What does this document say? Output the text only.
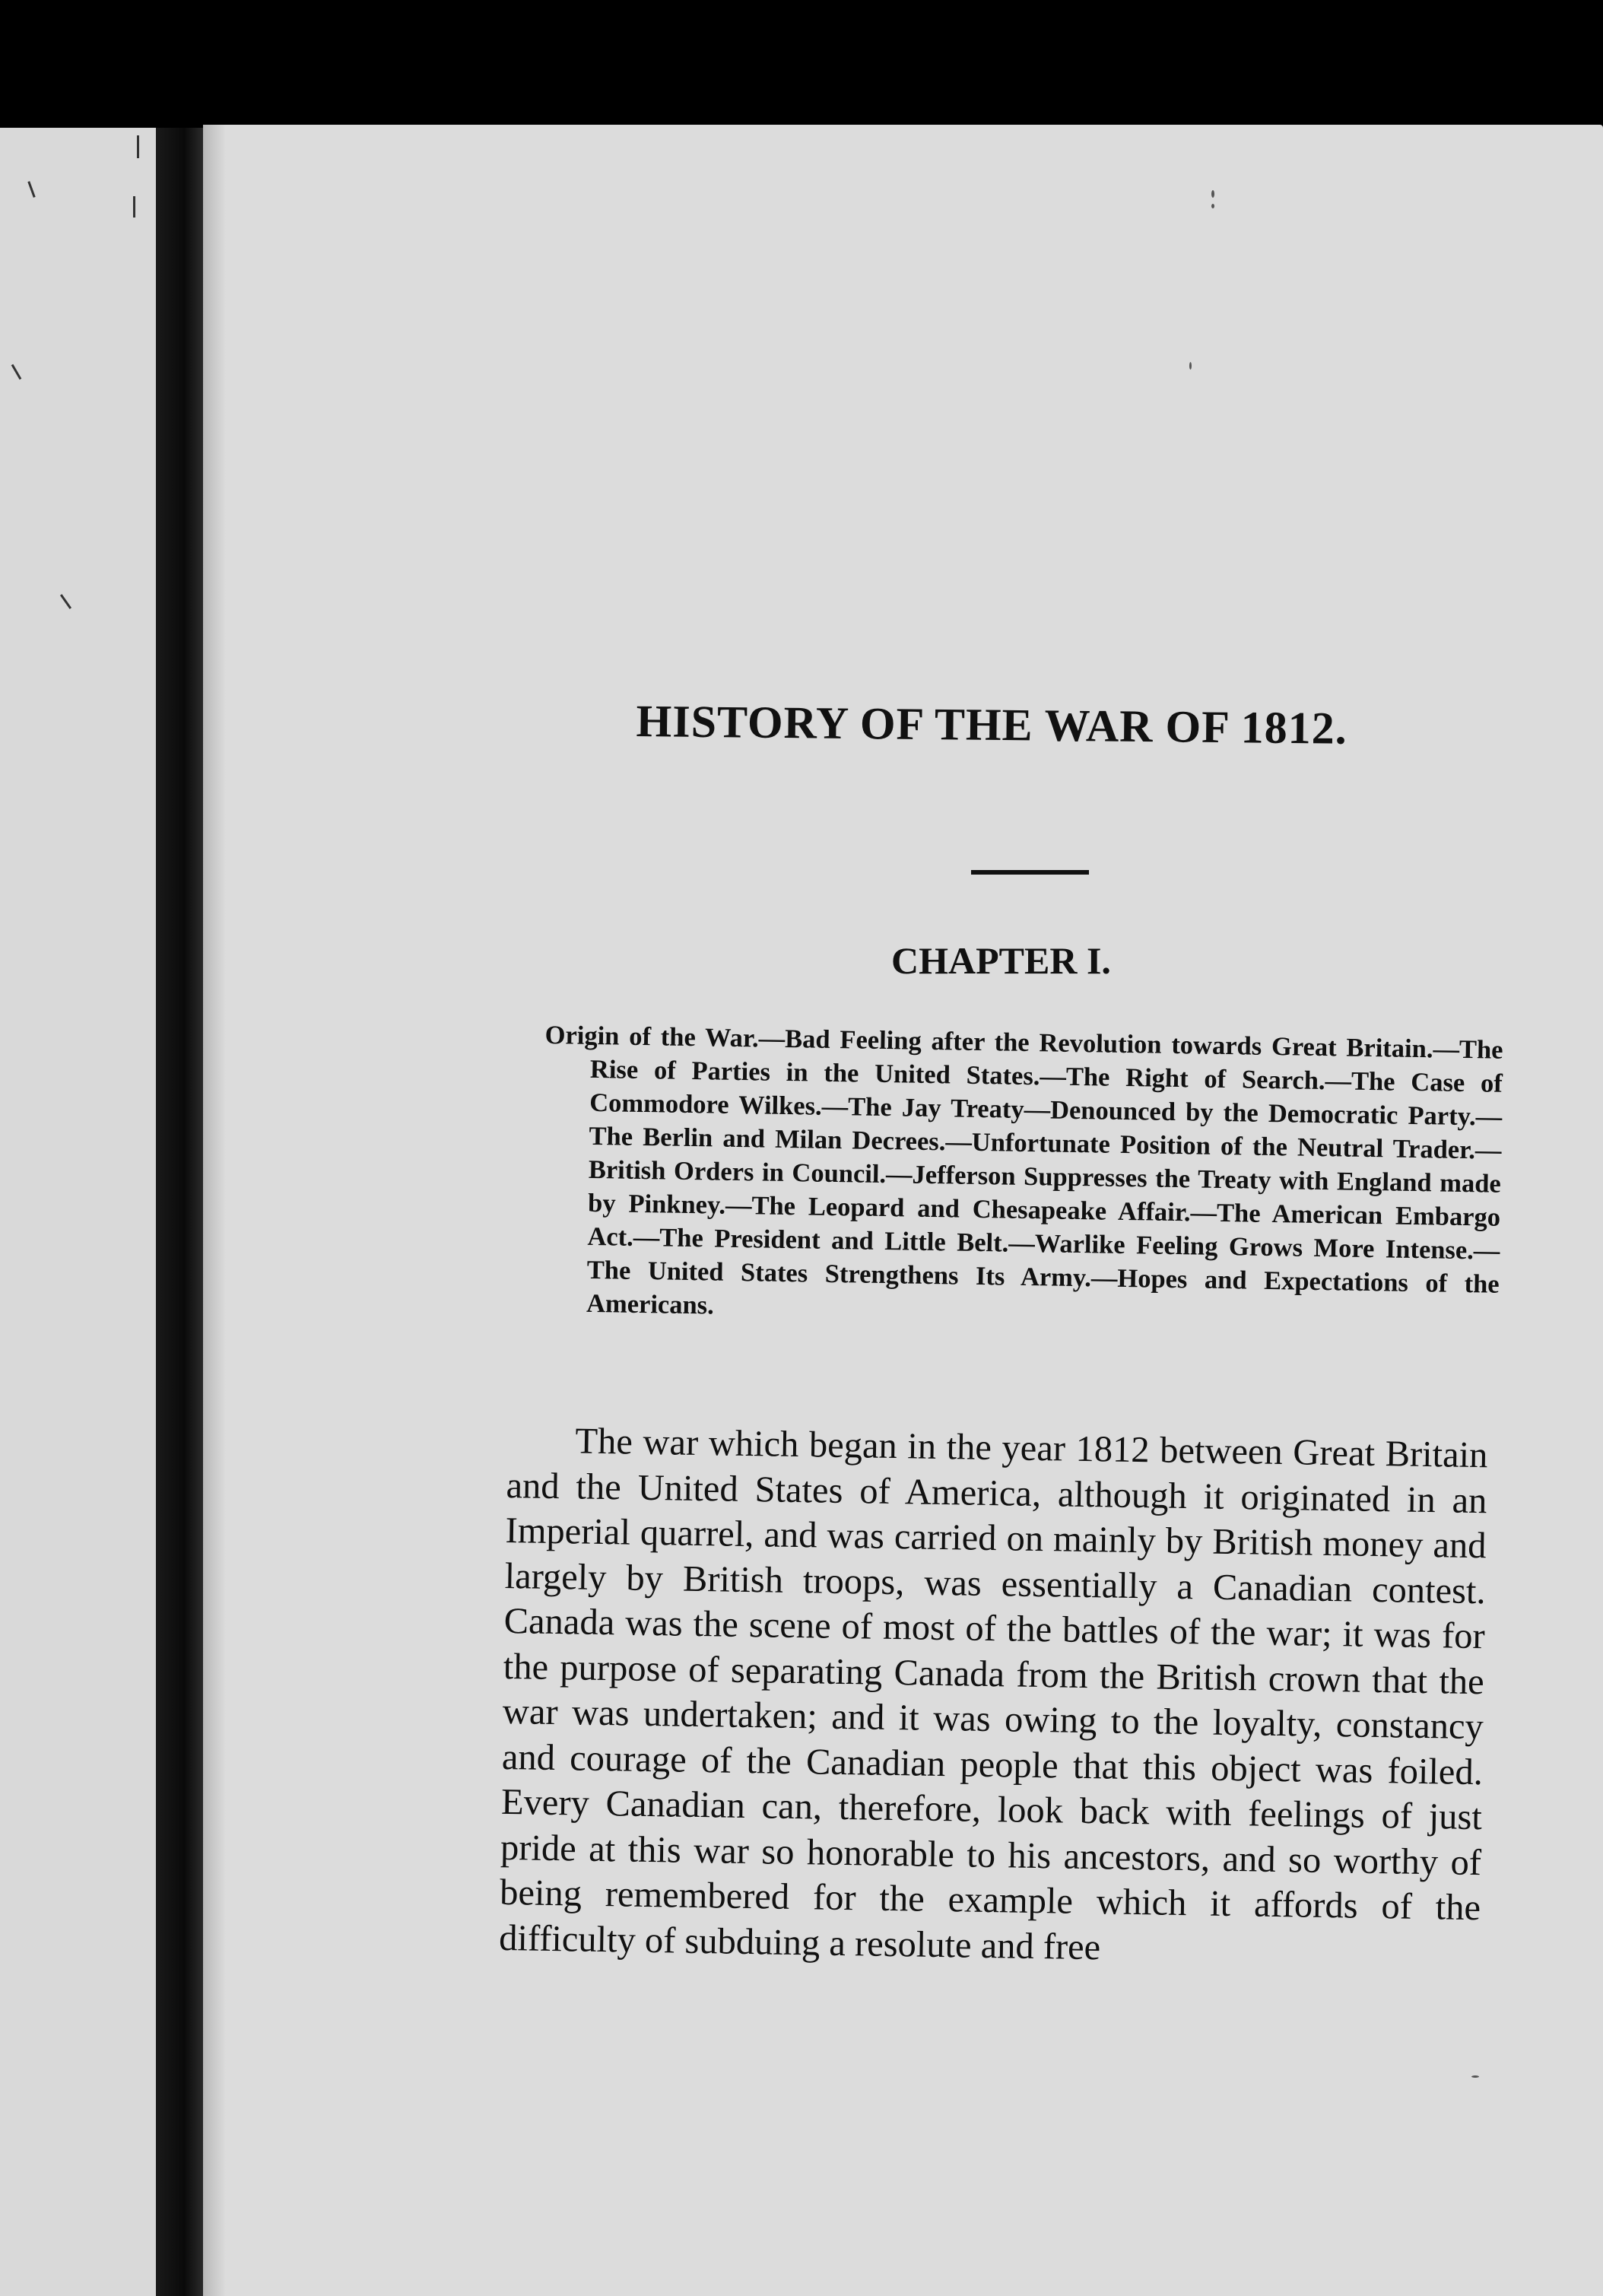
HISTORY OF THE WAR OF 1812.
CHAPTER I.
Origin of the War.—Bad Feeling after the Revolution towards Great Britain.—The Rise of Parties in the United States.—The Right of Search.—The Case of Commodore Wilkes.—The Jay Treaty—Denounced by the Democratic Party.—The Berlin and Milan Decrees.—Unfortunate Position of the Neutral Trader.—British Orders in Council.—Jefferson Suppresses the Treaty with England made by Pinkney.—The Leopard and Chesapeake Affair.—The American Embargo Act.—The President and Little Belt.—Warlike Feeling Grows More Intense.—The United States Strengthens Its Army.—Hopes and Expectations of the Americans.
The war which began in the year 1812 between Great Britain and the United States of America, although it originated in an Imperial quarrel, and was carried on mainly by British money and largely by British troops, was essentially a Canadian contest. Canada was the scene of most of the battles of the war; it was for the purpose of separating Canada from the British crown that the war was undertaken; and it was owing to the loyalty, constancy and courage of the Canadian people that this object was foiled. Every Canadian can, therefore, look back with feelings of just pride at this war so honorable to his ancestors, and so worthy of being remembered for the example which it affords of the difficulty of subduing a resolute and free
